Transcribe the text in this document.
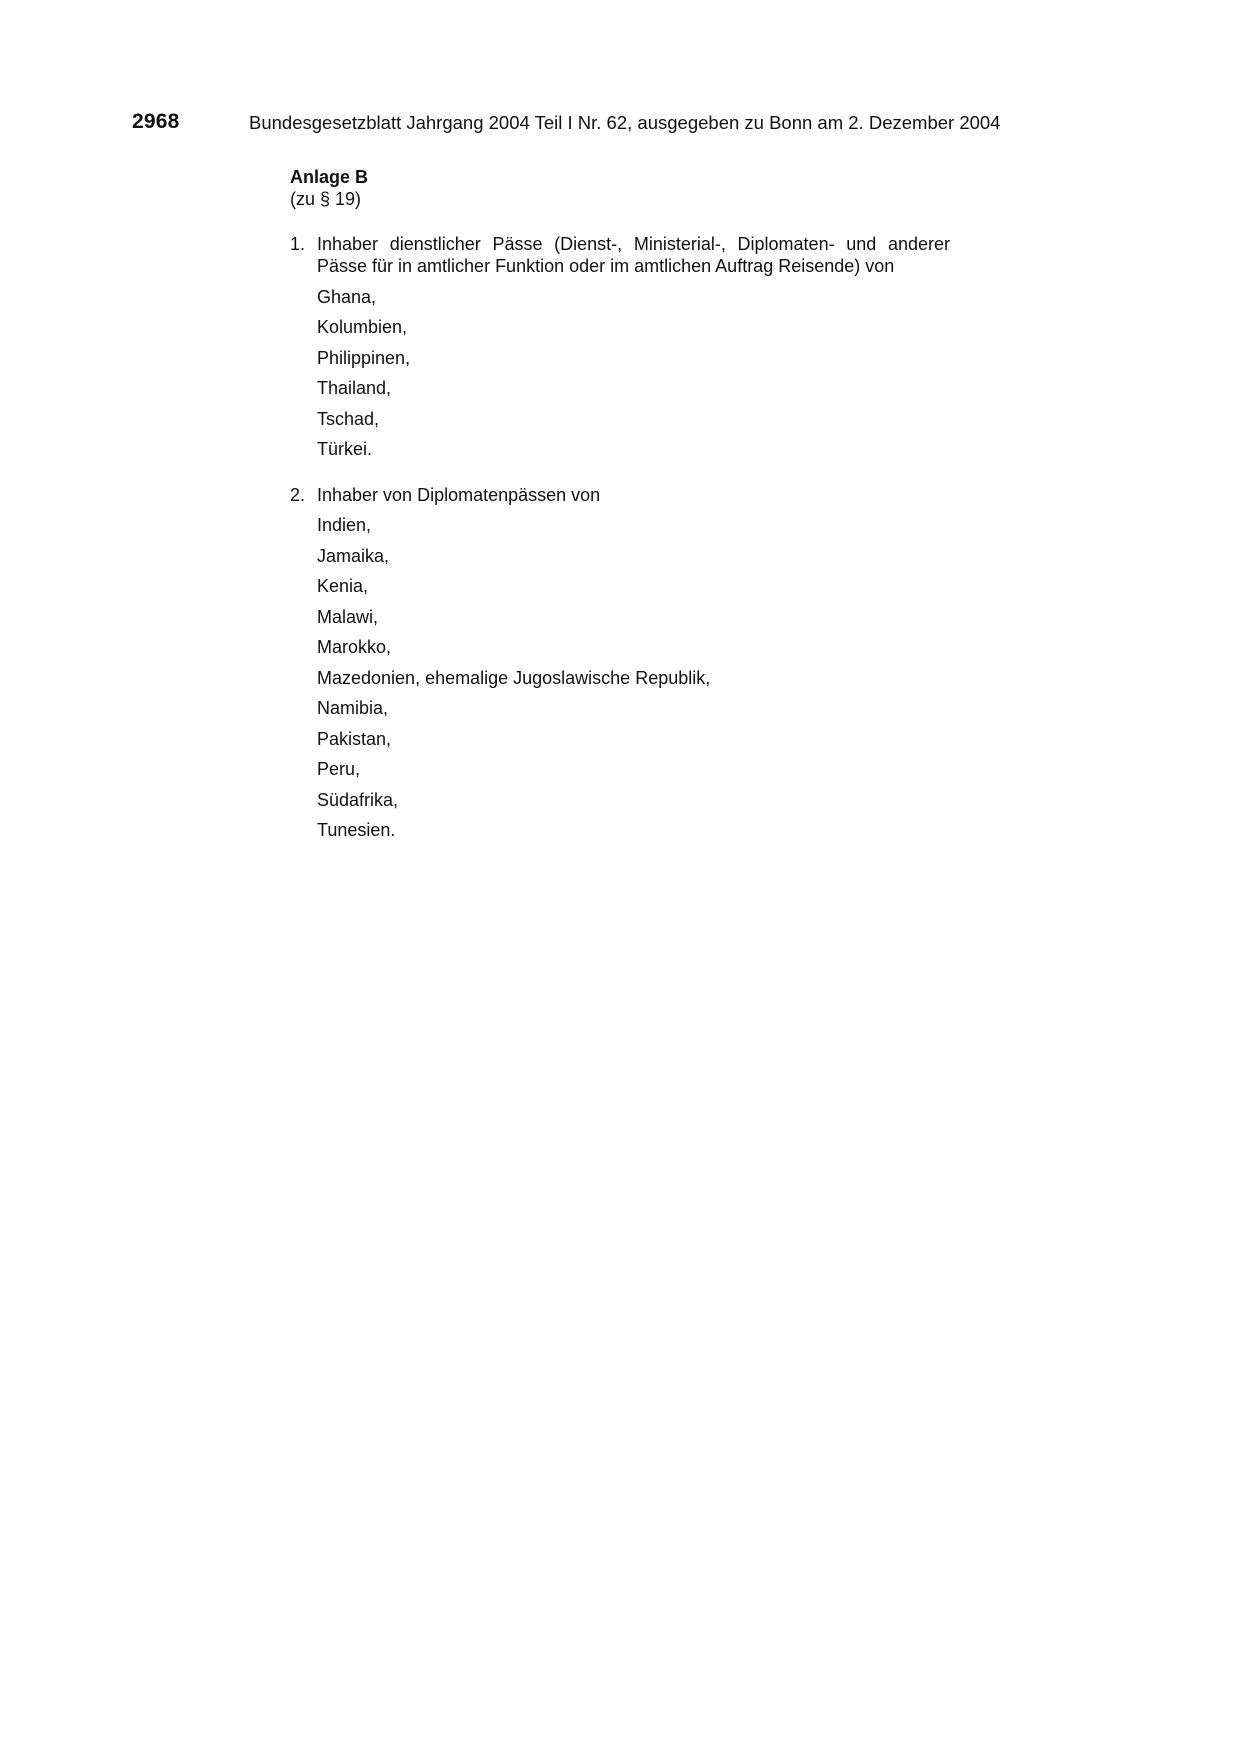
2968	Bundesgesetzblatt Jahrgang 2004 Teil I Nr. 62, ausgegeben zu Bonn am 2. Dezember 2004

Anlage B

(zu § 19)

1. Inhaber dienstlicher Pässe (Dienst-, Ministerial-, Diplomaten- und anderer Pässe für in amtlicher Funktion oder im amtlichen Auftrag Reisende) von

Ghana,
Kolumbien,
Philippinen,
Thailand,
Tschad,
Türkei.
2. Inhaber von Diplomatenpässen von

Indien,
Jamaika,
Kenia,
Malawi,
Marokko,
Mazedonien, ehemalige Jugoslawische Republik,
Namibia,
Pakistan,
Peru,
Südafrika,
Tunesien.
